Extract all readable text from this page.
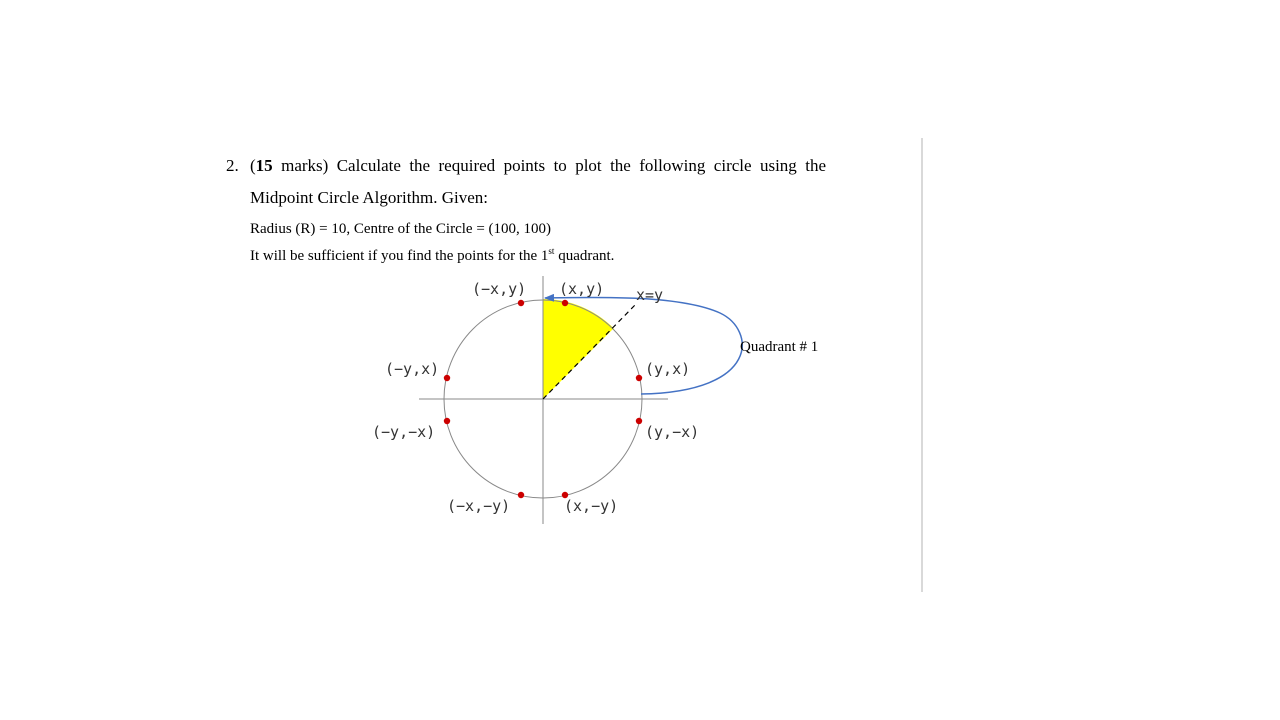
2. (15 marks) Calculate the required points to plot the following circle using the
Midpoint Circle Algorithm. Given:
Radius (R) = 10, Centre of the Circle = (100, 100)
It will be sufficient if you find the points for the 1st quadrant.
(−x,y) (x,y) x=y
Quadrant # 1
(−y,x)	(y,x)
(−y,−x)	(y,−x)
(−x,−y)	(x,−y)
